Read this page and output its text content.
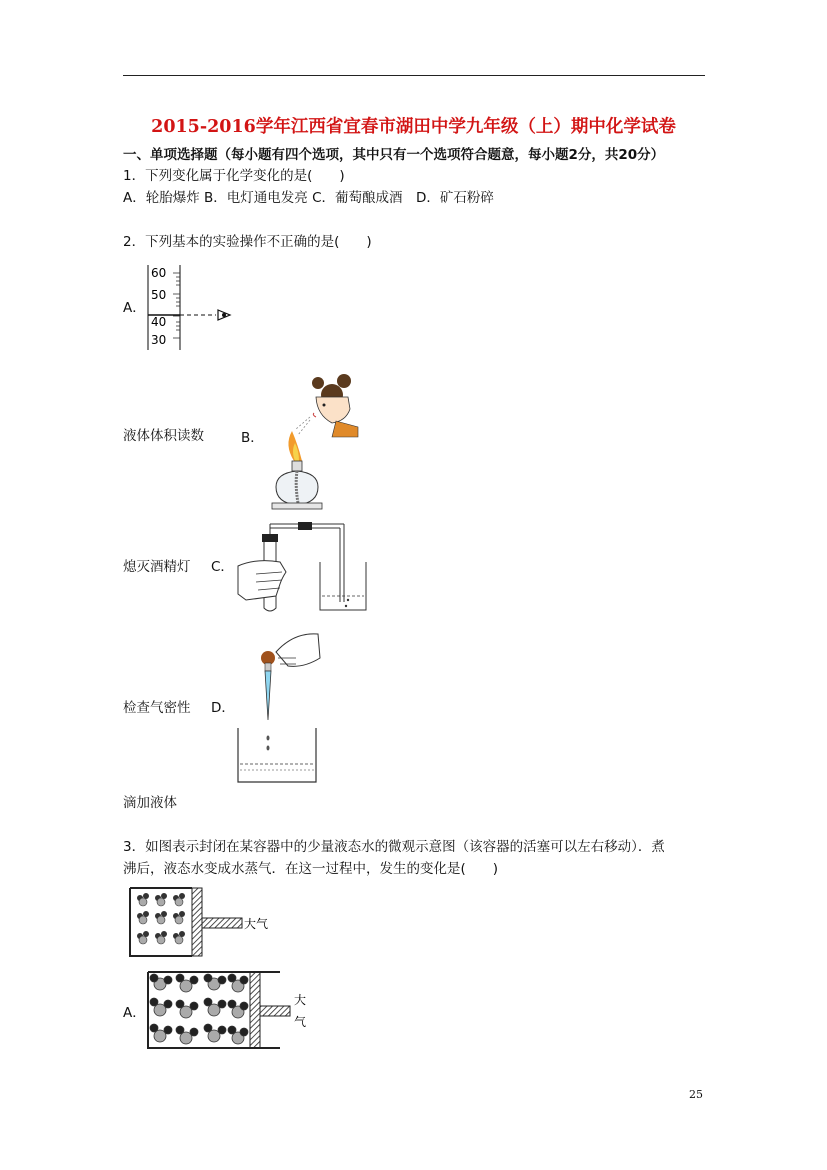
2015-2016学年江西省宜春市湖田中学九年级（上）期中化学试卷
一、单项选择题（每小题有四个选项，其中只有一个选项符合题意，每小题2分，共20分）
1．下列变化属于化学变化的是(　　)
A．轮胎爆炸 B．电灯通电发亮 C．葡萄酿成酒　D．矿石粉碎
2．下列基本的实验操作不正确的是(　　)
A．
60
50
40
30
液体体积读数	B．
熄灭酒精灯 C．
检查气密性 D．
滴加液体
3．如图表示封闭在某容器中的少量液态水的微观示意图（该容器的活塞可以左右移动）．煮
沸后，液态水变成水蒸气．在这一过程中，发生的变化是(　　)
大气
A．
大
气
25
